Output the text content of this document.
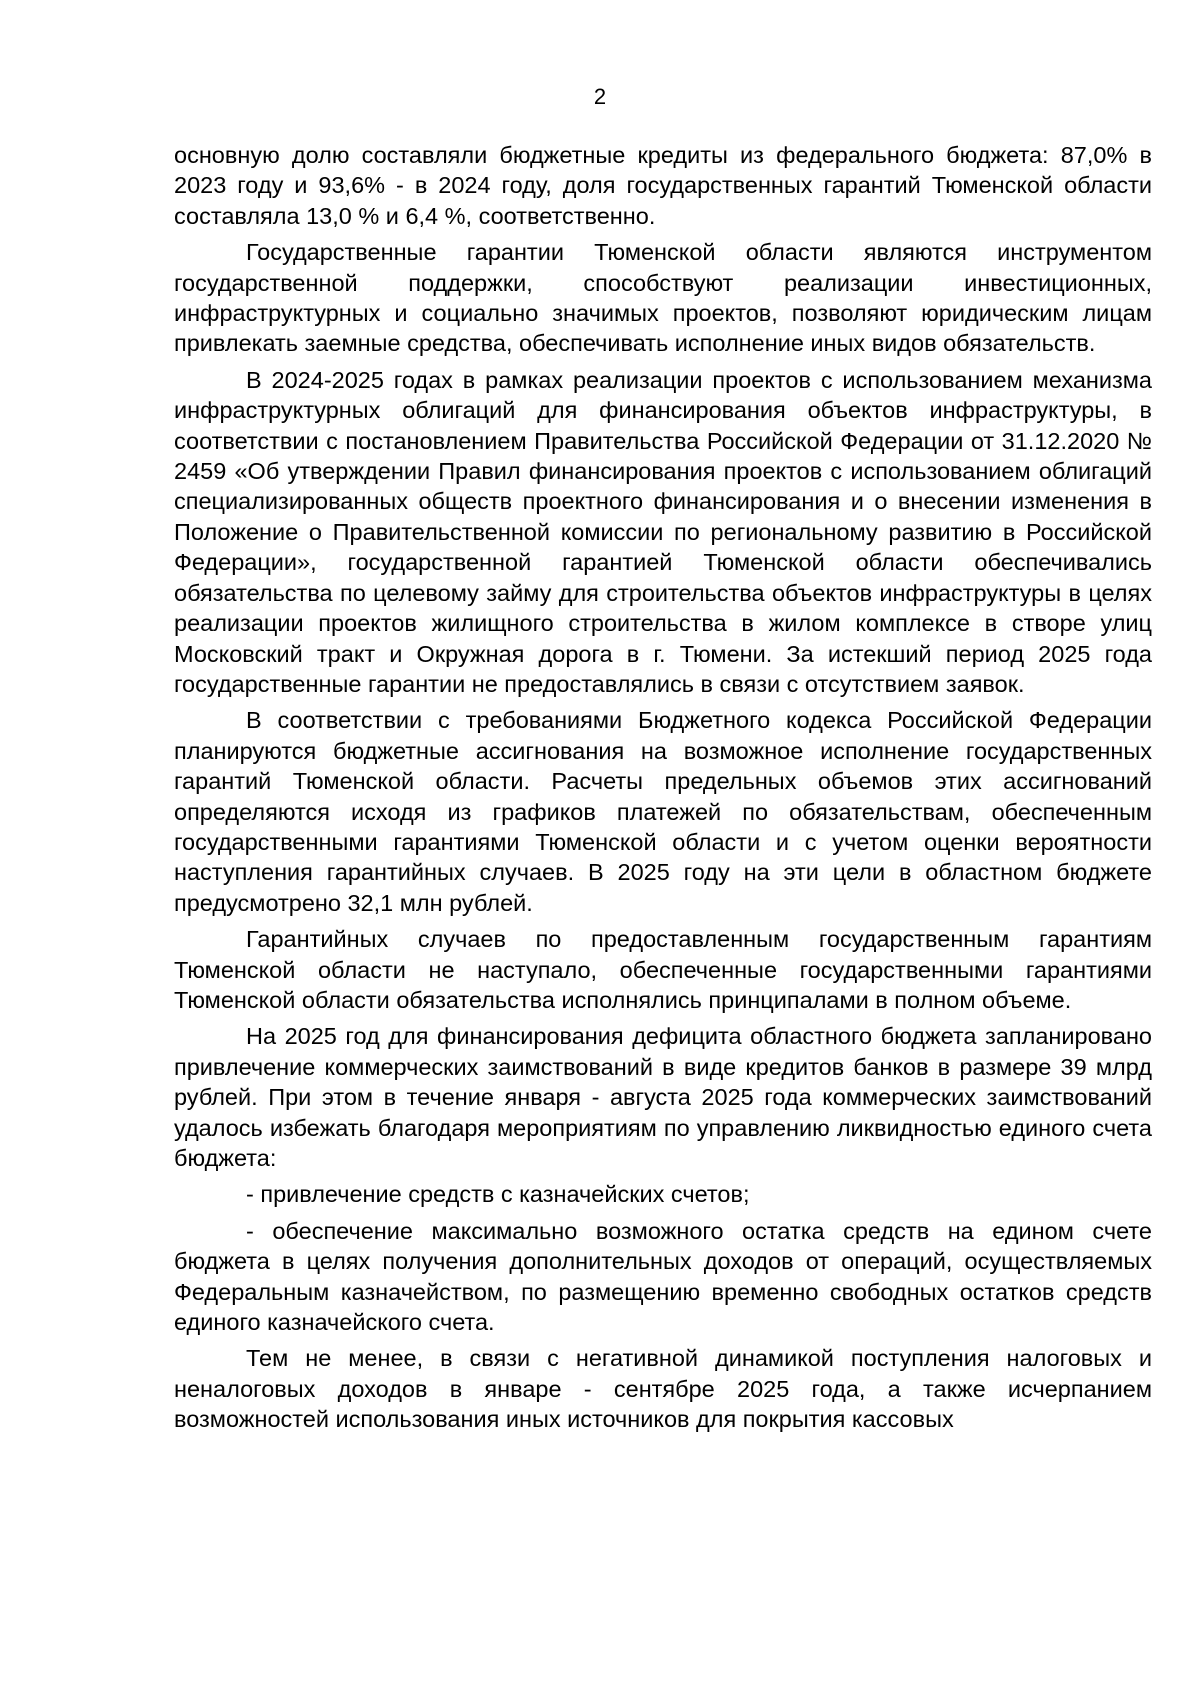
2

основную долю составляли бюджетные кредиты из федерального бюджета: 87,0% в 2023 году и 93,6% - в 2024 году, доля государственных гарантий Тюменской области составляла 13,0 % и 6,4 %, соответственно.

Государственные гарантии Тюменской области являются инструментом государственной поддержки, способствуют реализации инвестиционных, инфраструктурных и социально значимых проектов, позволяют юридическим лицам привлекать заемные средства, обеспечивать исполнение иных видов обязательств.

В 2024-2025 годах в рамках реализации проектов с использованием механизма инфраструктурных облигаций для финансирования объектов инфраструктуры, в соответствии с постановлением Правительства Российской Федерации от 31.12.2020 № 2459 «Об утверждении Правил финансирования проектов с использованием облигаций специализированных обществ проектного финансирования и о внесении изменения в Положение о Правительственной комиссии по региональному развитию в Российской Федерации», государственной гарантией Тюменской области обеспечивались обязательства по целевому займу для строительства объектов инфраструктуры в целях реализации проектов жилищного строительства в жилом комплексе в створе улиц Московский тракт и Окружная дорога в г. Тюмени. За истекший период 2025 года государственные гарантии не предоставлялись в связи с отсутствием заявок.

В соответствии с требованиями Бюджетного кодекса Российской Федерации планируются бюджетные ассигнования на возможное исполнение государственных гарантий Тюменской области. Расчеты предельных объемов этих ассигнований определяются исходя из графиков платежей по обязательствам, обеспеченным государственными гарантиями Тюменской области и с учетом оценки вероятности наступления гарантийных случаев. В 2025 году на эти цели в областном бюджете предусмотрено 32,1 млн рублей.

Гарантийных случаев по предоставленным государственным гарантиям Тюменской области не наступало, обеспеченные государственными гарантиями Тюменской области обязательства исполнялись принципалами в полном объеме.

На 2025 год для финансирования дефицита областного бюджета запланировано привлечение коммерческих заимствований в виде кредитов банков в размере 39 млрд рублей. При этом в течение января - августа 2025 года коммерческих заимствований удалось избежать благодаря мероприятиям по управлению ликвидностью единого счета бюджета:

- привлечение средств с казначейских счетов;

- обеспечение максимально возможного остатка средств на едином счете бюджета в целях получения дополнительных доходов от операций, осуществляемых Федеральным казначейством, по размещению временно свободных остатков средств единого казначейского счета.

Тем не менее, в связи с негативной динамикой поступления налоговых и неналоговых доходов в январе - сентябре 2025 года, а также исчерпанием возможностей использования иных источников для покрытия кассовых
